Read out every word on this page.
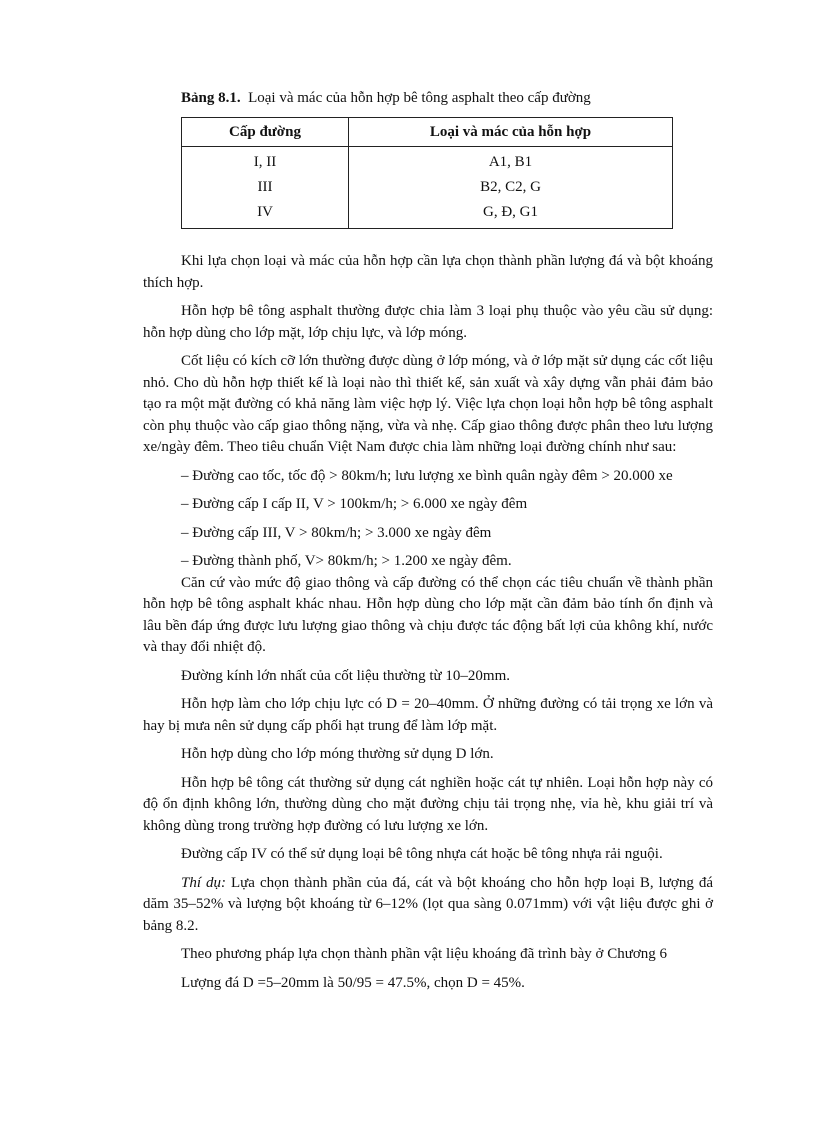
Bảng 8.1. Loại và mác của hỗn hợp bê tông asphalt theo cấp đường
Cấp đường	Loại và mác của hỗn hợp
I, II	A1, B1
III	B2, C2, G
IV	G, Đ, G1

Khi lựa chọn loại và mác của hỗn hợp cần lựa chọn thành phần lượng đá và bột khoáng thích hợp.

Hỗn hợp bê tông asphalt thường được chia làm 3 loại phụ thuộc vào yêu cầu sử dụng: hỗn hợp dùng cho lớp mặt, lớp chịu lực, và lớp móng.

Cốt liệu có kích cỡ lớn thường được dùng ở lớp móng, và ở lớp mặt sử dụng các cốt liệu nhỏ. Cho dù hỗn hợp thiết kế là loại nào thì thiết kế, sản xuất và xây dựng vẫn phải đảm bảo tạo ra một mặt đường có khả năng làm việc hợp lý. Việc lựa chọn loại hỗn hợp bê tông asphalt còn phụ thuộc vào cấp giao thông nặng, vừa và nhẹ. Cấp giao thông được phân theo lưu lượng xe/ngày đêm. Theo tiêu chuẩn Việt Nam được chia làm những loại đường chính như sau:

– Đường cao tốc, tốc độ > 80km/h; lưu lượng xe bình quân ngày đêm > 20.000 xe

– Đường cấp I cấp II, V > 100km/h; > 6.000 xe ngày đêm

– Đường cấp III, V > 80km/h; > 3.000 xe ngày đêm

– Đường thành phố, V> 80km/h; > 1.200 xe ngày đêm.

Căn cứ vào mức độ giao thông và cấp đường có thể chọn các tiêu chuẩn về thành phần hỗn hợp bê tông asphalt khác nhau. Hỗn hợp dùng cho lớp mặt cần đảm bảo tính ổn định và lâu bền đáp ứng được lưu lượng giao thông và chịu được tác động bất lợi của không khí, nước và thay đổi nhiệt độ.

Đường kính lớn nhất của cốt liệu thường từ 10–20mm.

Hỗn hợp làm cho lớp chịu lực có D = 20–40mm. Ở những đường có tải trọng xe lớn và hay bị mưa nên sử dụng cấp phối hạt trung để làm lớp mặt.

Hỗn hợp dùng cho lớp móng thường sử dụng D lớn.

Hỗn hợp bê tông cát thường sử dụng cát nghiền hoặc cát tự nhiên. Loại hỗn hợp này có độ ổn định không lớn, thường dùng cho mặt đường chịu tải trọng nhẹ, vỉa hè, khu giải trí và không dùng trong trường hợp đường có lưu lượng xe lớn.

Đường cấp IV có thể sử dụng loại bê tông nhựa cát hoặc bê tông nhựa rải nguội.

Thí dụ: Lựa chọn thành phần của đá, cát và bột khoáng cho hỗn hợp loại B, lượng đá dăm 35–52% và lượng bột khoáng từ 6–12% (lọt qua sàng 0.071mm) với vật liệu được ghi ở bảng 8.2.

Theo phương pháp lựa chọn thành phần vật liệu khoáng đã trình bày ở Chương 6

Lượng đá D =5–20mm là 50/95 = 47.5%, chọn D = 45%.
